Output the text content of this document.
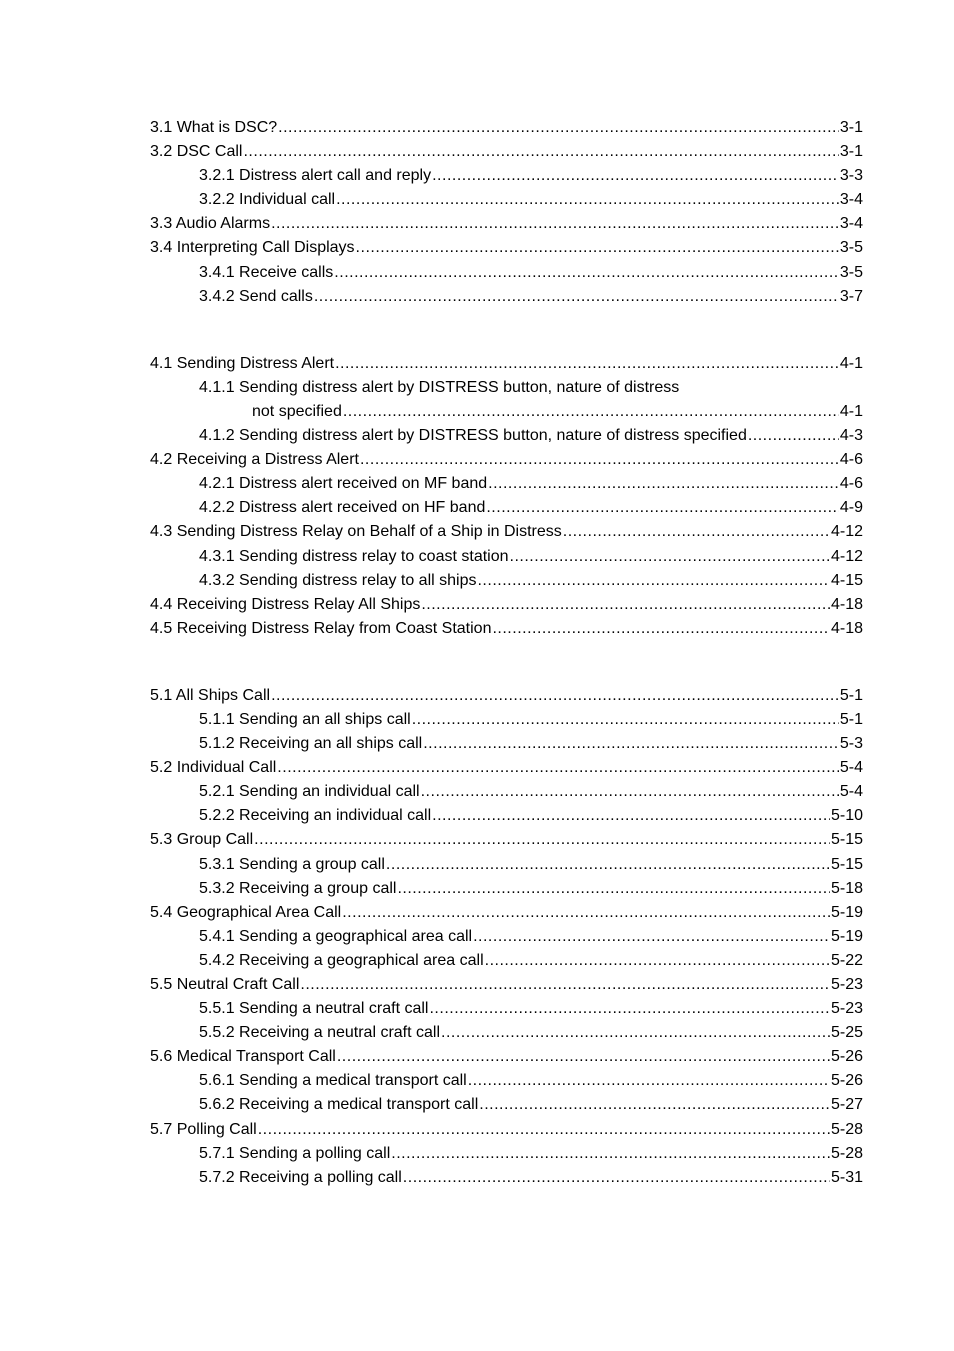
3.1 What is DSC? .....	3-1
3.2 DSC Call .....	3-1
3.2.1 Distress alert call and reply .....	3-3
3.2.2 Individual call .....	3-4
3.3 Audio Alarms .....	3-4
3.4 Interpreting Call Displays .....	3-5
3.4.1 Receive calls .....	3-5
3.4.2 Send calls .....	3-7
4.1 Sending Distress Alert .....	4-1
4.1.1 Sending distress alert by DISTRESS button, nature of distress
not specified .....	4-1
4.1.2 Sending distress alert by DISTRESS button, nature of distress specified .....	4-3
4.2 Receiving a Distress Alert .....	4-6
4.2.1 Distress alert received on MF band .....	4-6
4.2.2 Distress alert received on HF band .....	4-9
4.3 Sending Distress Relay on Behalf of a Ship in Distress .....	4-12
4.3.1 Sending distress relay to coast station .....	4-12
4.3.2 Sending distress relay to all ships .....	4-15
4.4 Receiving Distress Relay All Ships .....	4-18
4.5 Receiving Distress Relay from Coast Station .....	4-18
5.1 All Ships Call .....	5-1
5.1.1 Sending an all ships call .....	5-1
5.1.2 Receiving an all ships call .....	5-3
5.2 Individual Call .....	5-4
5.2.1 Sending an individual call .....	5-4
5.2.2 Receiving an individual call .....	5-10
5.3 Group Call .....	5-15
5.3.1 Sending a group call .....	5-15
5.3.2 Receiving a group call .....	5-18
5.4 Geographical Area Call .....	5-19
5.4.1 Sending a geographical area call .....	5-19
5.4.2 Receiving a geographical area call .....	5-22
5.5 Neutral Craft Call .....	5-23
5.5.1 Sending a neutral craft call .....	5-23
5.5.2 Receiving a neutral craft call .....	5-25
5.6 Medical Transport Call .....	5-26
5.6.1 Sending a medical transport call .....	5-26
5.6.2 Receiving a medical transport call .....	5-27
5.7 Polling Call .....	5-28
5.7.1 Sending a polling call .....	5-28
5.7.2 Receiving a polling call .....	5-31
